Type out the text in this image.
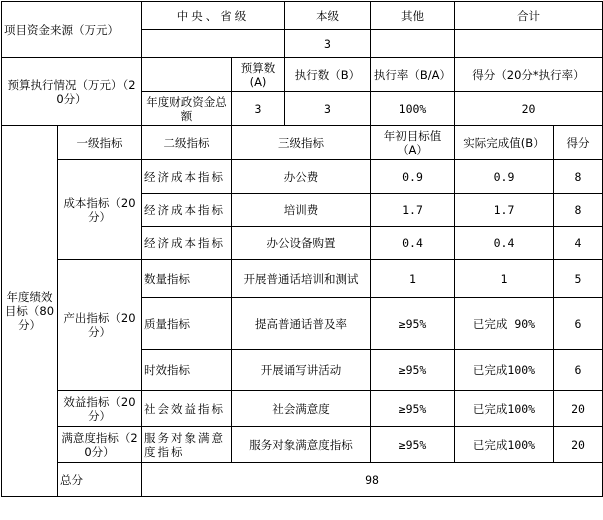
项目资金来源（万元）		中央、省级		本级	其他	合计	
				3			
预算执行情况（万元）（20分）			预算数(A)	执行数（B）	执行率（B/A）	得分（20分*执行率）	
		年度财政资金总额	3	3	100%	20	
年度绩效目标（80分）	一级指标	二级指标	三级指标		年初目标值（A）	实际完成值(B）	得分
	成本指标（20分）	经济成本指标	办公费		0.9	0.9	8
		经济成本指标	培训费		1.7	1.7	8
		经济成本指标	办公设备购置		0.4	0.4	4
	产出指标（20分）	数量指标	开展普通话培训和测试		1	1	5
		质量指标	提高普通话普及率		≥95%	已完成 90%	6
		时效指标	开展诵写讲活动		≥95%	已完成100%	6
	效益指标（20分）	社会效益指标	社会满意度		≥95%	已完成100%	20
	满意度指标（20分）	服务对象满意度指标	服务对象满意度指标		≥95%	已完成100%	20
	总分	98					
